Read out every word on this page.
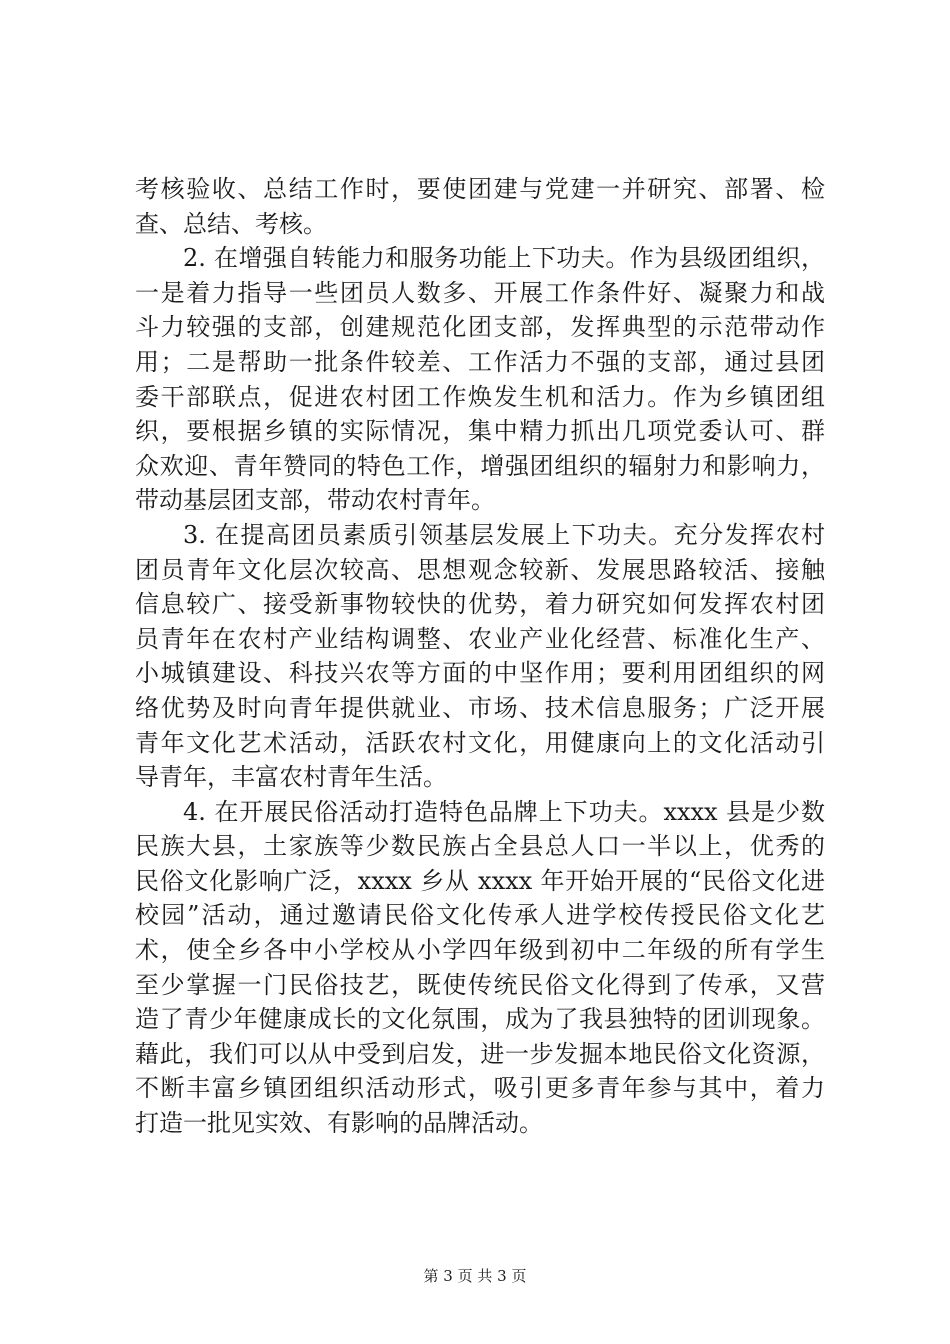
考核验收、总结工作时，要使团建与党建一并研究、部署、检
查、总结、考核。
2. 在增强自转能力和服务功能上下功夫。作为县级团组织，
一是着力指导一些团员人数多、开展工作条件好、凝聚力和战
斗力较强的支部，创建规范化团支部，发挥典型的示范带动作
用；二是帮助一批条件较差、工作活力不强的支部，通过县团
委干部联点，促进农村团工作焕发生机和活力。作为乡镇团组
织，要根据乡镇的实际情况，集中精力抓出几项党委认可、群
众欢迎、青年赞同的特色工作，增强团组织的辐射力和影响力，
带动基层团支部，带动农村青年。
3. 在提高团员素质引领基层发展上下功夫。充分发挥农村
团员青年文化层次较高、思想观念较新、发展思路较活、接触
信息较广、接受新事物较快的优势，着力研究如何发挥农村团
员青年在农村产业结构调整、农业产业化经营、标准化生产、
小城镇建设、科技兴农等方面的中坚作用；要利用团组织的网
络优势及时向青年提供就业、市场、技术信息服务；广泛开展
青年文化艺术活动，活跃农村文化，用健康向上的文化活动引
导青年，丰富农村青年生活。
4. 在开展民俗活动打造特色品牌上下功夫。xxxx 县是少数
民族大县，土家族等少数民族占全县总人口一半以上，优秀的
民俗文化影响广泛，xxxx 乡从 xxxx 年开始开展的“民俗文化进
校园”活动，通过邀请民俗文化传承人进学校传授民俗文化艺
术，使全乡各中小学校从小学四年级到初中二年级的所有学生
至少掌握一门民俗技艺，既使传统民俗文化得到了传承，又营
造了青少年健康成长的文化氛围，成为了我县独特的团训现象。
藉此，我们可以从中受到启发，进一步发掘本地民俗文化资源，
不断丰富乡镇团组织活动形式，吸引更多青年参与其中，着力
打造一批见实效、有影响的品牌活动。
第 3 页 共 3 页
